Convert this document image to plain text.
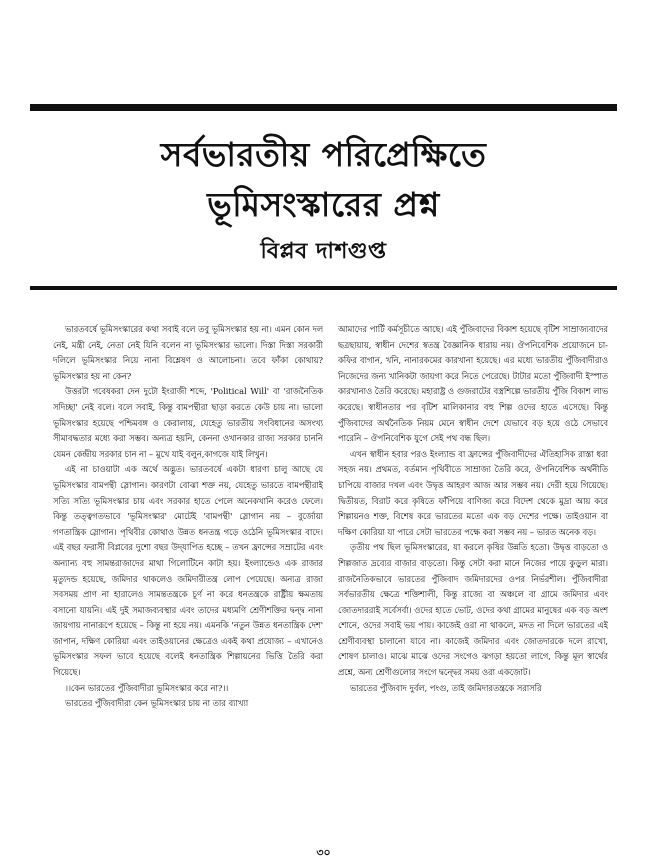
সর্বভারতীয় পরিপ্রেক্ষিতে
ভূমিসংস্কারের প্রশ্ন
বিপ্লব দাশগুপ্ত

ভারতবর্ষে ভূমিসংস্কারের কথা সবাই বলে তবু ভূমিসংস্কার হয় না। এমন কোন দল নেই, মন্ত্রী নেই, নেতা নেই যিনি বলেন না ভূমিসংস্কার ভালো। দিস্তা দিস্তা সরকারী দলিলে ভূমিসংস্কার নিয়ে নানা বিশ্লেষণ ও আলোচনা। তবে ফাঁকা কোথায়? ভূমিসংস্কার হয় না কেন?

উত্তরটা গবেষকরা দেন দুটো ইংরাজী শব্দে, 'Political Will' বা 'রাজনৈতিক সদিচ্ছা' নেই বলে। বলে সবাই, কিন্তু বামপন্থীরা ছাড়া করতে কেউ চায় না। ভালো ভূমিসংস্কার হয়েছে পশ্চিমবঙ্গ ও কেরালায়, যেহেতু ভারতীয় সংবিধানের অসংখ্য সীমাবদ্ধতার মধ্যে করা সম্ভব। অন্যত্র হয়নি, কেননা ওখানকার রাজ্য সরকার চাননি যেমন কেন্দ্রীয় সরকার চান না – মুখে যাই বলুন,কাগজে যাই লিখুন।

এই না চাওয়াটা এক অর্থে অদ্ভুত। ভারতবর্ষে একটা ধারণা চালু আছে যে ভূমিসংস্কার বামপন্থী স্লোগান। কারণটা বোঝা শক্ত নয়, যেহেতু ভারতে বামপন্থীরাই সত্যি সত্যি ভূমিসংস্কার চায় এবং সরকার হাতে পেলে অনেকখানি করেও ফেলে। কিন্তু তত্ত্বগতভাবে 'ভূমিসংস্কার' মোটেই 'বামপন্থী' স্লোগান নয় – বুর্জোয়া গণতান্ত্রিক স্লোগান। পৃথিবীর কোথাও উন্নত ধনতন্ত্র গড়ে ওঠেনি ভূমিসংস্কার বাদে। এই বছর ফরাসী বিপ্লবের দুশো বছর উদ্‌যাপিত হচ্ছে – তখন ফ্রান্সের সম্রাটের এবং অন্যান্য বহু সামন্তরাজাদের মাথা গিলোটিনে কাটা হয়। ইংল্যান্ডেও এক রাজার মৃত্যুদন্ড হয়েছে, জমিদার থাকলেও জমিদারীতন্ত্র লোপ পেয়েছে। অন্যত্র রাজা সবসময় প্রাণ না হারালেও সামন্ততন্ত্রকে চূর্ণ না করে ধনতন্ত্রকে রাষ্ট্রীয় ক্ষমতায় বসানো যায়নি। এই দুই সমাজব্যবস্থার এবং তাদের মধ্যমণি শ্রেণীশক্তির দ্বন্দ্ব নানা জায়গায় নানারূপে হয়েছে – কিন্তু না হয়ে নয়। এমনকি 'নতুন উন্নত ধনতান্ত্রিক দেশ' জাপান, দক্ষিণ কোরিয়া এবং তাইওয়ানের ক্ষেত্রেও একই কথা প্রযোজ্য – এখানেও ভূমিসংস্কার সফল ভাবে হয়েছে বলেই ধনতান্ত্রিক শিল্পায়নের ভিত্তি তৈরি করা গিয়েছে।

।।কেন ভারতের পুঁজিবাদীরা ভূমিসংস্কার করে না?।।

ভারতের পুঁজিবাদীরা কেন ভূমিসংস্কার চায় না তার ব্যাখ্যা

আমাদের পার্টি কর্মসূচীতে আছে। এই পুঁজিবাদের বিকাশ হয়েছে বৃটিশ সাম্রাজ্যবাদের ছত্রছায়ায়, স্বাধীন দেশের স্বতন্ত্র বৈজ্ঞানিক ধারায় নয়। ঔপনিবেশিক প্রয়োজনে চা-কফির বাগান, খনি, নানারকমের কারখানা হয়েছে। এর মধ্যে ভারতীয় পুঁজিবাদীরাও নিজেদের জন্য খানিকটা জায়গা করে নিতে পেরেছে। টাটার মতো পুঁজিবাদী ইস্পাত কারখানাও তৈরি করেছে। মহারাষ্ট্র ও গুজরাটের বস্ত্রশিল্পে ভারতীয় পুঁজি বিকাশ লাভ করেছে। স্বাধীনতার পর বৃটিশ মালিকানার বহু শিল্প ওদের হাতে এসেছে। কিন্তু পুঁজিবাদের অর্থনৈতিক নিয়ম মেনে স্বাধীন দেশে যেভাবে বড় হয়ে ওঠে সেভাবে পারেনি – ঔপনিবেশিক যুগে সেই পথ বন্ধ ছিল।

এখন স্বাধীন হবার পরও ইংল্যান্ড বা ফ্রান্সের পুঁজিবাদীদের ঐতিহাসিক রাস্তা ধরা সহজ নয়। প্রথমত, বর্তমান পৃথিবীতে সাম্রাজ্য তৈরি করে, ঔপনিবেশিক অর্থনীতি চাপিয়ে বাজার দখল এবং উদ্বৃত্ত আহরণ আজ আর সম্ভব নয়। দেরী হয়ে গিয়েছে। দ্বিতীয়ত, বিরাট করে কৃষিতে ফাঁপিয়ে বাণিজ্য করে বিদেশ থেকে মুদ্রা আয় করে শিল্পায়নও শক্ত, বিশেষ করে ভারতের মতো এক বড় দেশের পক্ষে। তাইওয়ান বা দক্ষিণ কোরিয়া যা পারে সেটা ভারতের পক্ষে করা সম্ভব নয় – ভারত অনেক বড়।

তৃতীয় পথ ছিল ভূমিসংস্কারের, যা করলে কৃষির উন্নতি হতো। উদ্বৃত্ত বাড়তো ও শিল্পজাত দ্রব্যের বাজার বাড়তো। কিন্তু সেটা করা মানে নিজের পায়ে কুড়ুল মারা। রাজনৈতিকভাবে ভারতের পুঁজিবাদ জমিদারদের ওপর নির্ভরশীল। পুঁজিবাদীরা সর্বভারতীয় ক্ষেত্রে শক্তিশালী, কিন্তু রাজ্যে বা অঞ্চলে বা গ্রামে জমিদার এবং জোতদাররাই সর্বেসর্বা। ওদের হাতে ভোট, ওদের কথা গ্রামের মানুষের এক বড় অংশ শোনে, ওদের সবাই ভয় পায়। কাজেই ওরা না থাকলে, মদত না দিলে ভারতের এই শ্রেণীব্যবস্থা চালানো যাবে না। কাজেই জমিদার এবং জোতদারকে দলে রাখো, শোষণ চালাও। মাঝে মাঝে ওদের সংগেও ঝগড়া হয়তো লাগে, কিন্তু মূল স্বার্থের প্রশ্নে, অন্য শ্রেণীগুলোর সংগে দ্বন্দ্বের সময় ওরা একজোট।

ভারতের পুঁজিবাদ দুর্বল, পংগু, তাই জমিদারতন্ত্রকে সরাসরি

৩০
